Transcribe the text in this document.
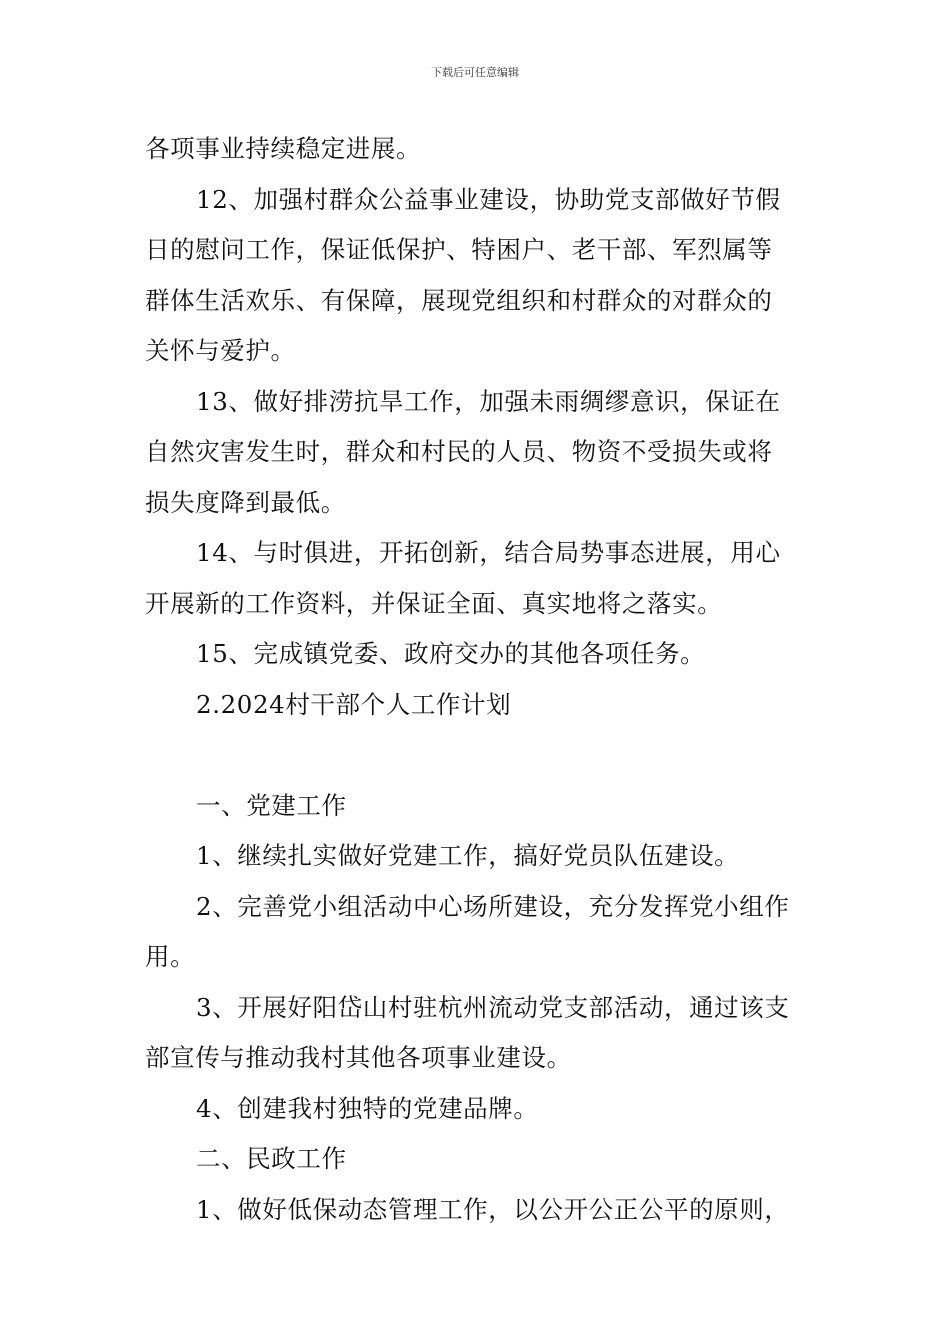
下载后可任意编辑
各项事业持续稳定进展。
12、加强村群众公益事业建设，协助党支部做好节假
日的慰问工作，保证低保护、特困户、老干部、军烈属等
群体生活欢乐、有保障，展现党组织和村群众的对群众的
关怀与爱护。
13、做好排涝抗旱工作，加强未雨绸缪意识，保证在
自然灾害发生时，群众和村民的人员、物资不受损失或将
损失度降到最低。
14、与时俱进，开拓创新，结合局势事态进展，用心
开展新的工作资料，并保证全面、真实地将之落实。
15、完成镇党委、政府交办的其他各项任务。
2.2024村干部个人工作计划
一、党建工作
1、继续扎实做好党建工作，搞好党员队伍建设。
2、完善党小组活动中心场所建设，充分发挥党小组作
用。
3、开展好阳岱山村驻杭州流动党支部活动，通过该支
部宣传与推动我村其他各项事业建设。
4、创建我村独特的党建品牌。
二、民政工作
1、做好低保动态管理工作，以公开公正公平的原则，
